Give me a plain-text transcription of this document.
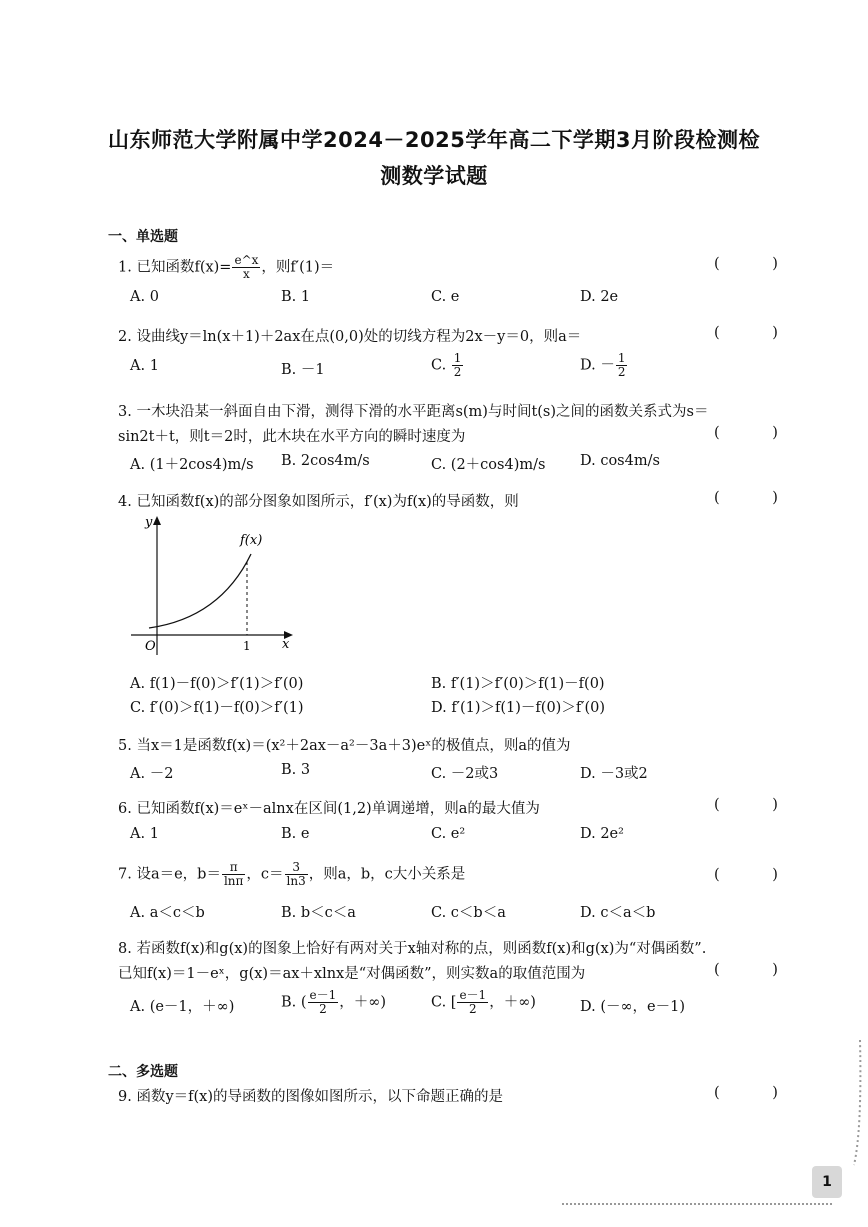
山东师范大学附属中学2024－2025学年高二下学期3月阶段检测检
测数学试题
一、单选题
1. 已知函数$f(x)= \frac{e\^{}x}{x}$ ，则f′(1)＝	( )
A. 0	B. 1	C. e	D. 2e
2. 设曲线y＝ln(x＋1)＋2ax在点(0,0)处的切线方程为2x－y＝0，则a＝	( )
A. 1	B. －1	C. $\frac{1}{2}$	D. － $\frac{1}{2}$
3. 一木块沿某一斜面自由下滑，测得下滑的水平距离s(m)与时间t(s)之间的函数关系式为s＝
sin2t＋t，则t＝2时，此木块在水平方向的瞬时速度为	( )
A. (1＋2cos4)m/s B. 2cos4m/s	C. (2＋cos4)m/s D. cos4m/s
4. 已知函数f(x)的部分图象如图所示，f′(x)为f(x)的导函数，则	( )
y
x
O	1
f(x)
A. f(1)－f(0)＞f′(1)＞f′(0)	B. f′(1)＞f′(0)＞f(1)－f(0)
C. f′(0)＞f(1)－f(0)＞f′(1)	D. f′(1)＞f(1)－f(0)＞f′(0)
5. 当x＝1是函数f(x)＝(x²＋2ax－a²－3a＋3)eˣ的极值点，则a的值为
A. －2	B. 3	C. －2或3	D. －3或2
6. 已知函数f(x)＝eˣ－alnx在区间(1,2)单调递增，则a的最大值为	( )
A. 1	B. e	C. e²	D. 2e²
7. 设a＝e，$b= \frac{\pi}{\ln\pi}$ ，$c= \frac{3}{\ln 3}$ ，则a，b，c大小关系是	( )
A. a＜c＜b	B. b＜c＜a	C. c＜b＜a	D. c＜a＜b
8. 若函数f(x)和g(x)的图象上恰好有两对关于x轴对称的点，则函数f(x)和g(x)为“对偶函数”.
已知f(x)＝1－eˣ，g(x)＝ax＋xlnx是“对偶函数”，则实数a的取值范围为	( )
A. (e－1，＋∞)	B. ( $\frac{e-1}{2}$ ，＋∞)	C. [ $\frac{e-1}{2}$ ，＋∞)	D. (－∞，e－1)
二、多选题
9. 函数y＝f(x)的导函数的图像如图所示，以下命题正确的是	( )
1
